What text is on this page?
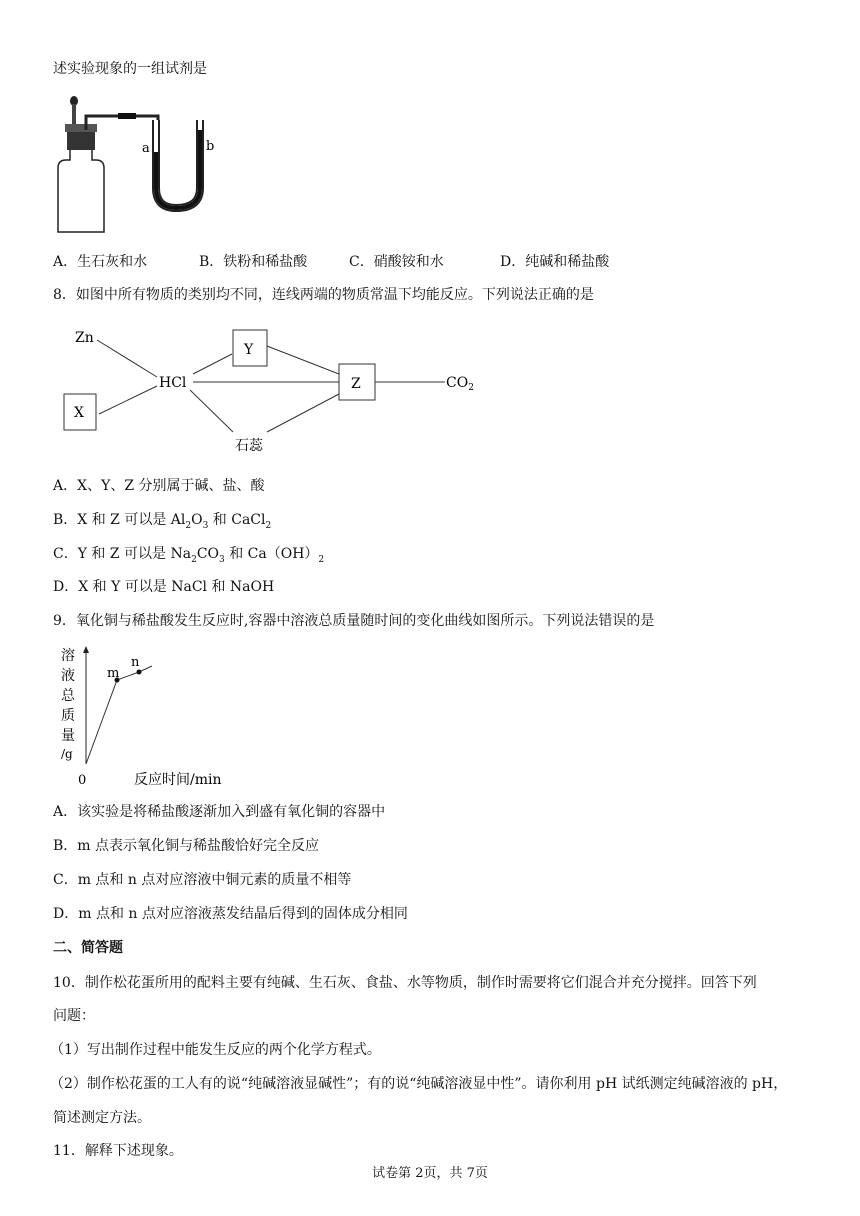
述实验现象的一组试剂是
a	b
A．生石灰和水	B．铁粉和稀盐酸	C．硝酸铵和水	D．纯碱和稀盐酸
8．如图中所有物质的类别均不同，连线两端的物质常温下均能反应。下列说法正确的是
Zn
X
Y
HCl	Z	$CO_2$
石蕊
A．X、Y、Z 分别属于碱、盐、酸
B．X 和 Z 可以是 $Al_2O_3$ 和 CaCl$_2$
C．Y 和 Z 可以是 $Na_2CO_3$ 和 $Ca(OH)_2$
D．X 和 Y 可以是 NaCl 和 NaOH
9．氧化铜与稀盐酸发生反应时,容器中溶液总质量随时间的变化曲线如图所示。下列说法错误的是
溶
液
总
质
量
/g
m
n
0	反应时间/min
A．该实验是将稀盐酸逐渐加入到盛有氧化铜的容器中
B．m 点表示氧化铜与稀盐酸恰好完全反应
C．m 点和 n 点对应溶液中铜元素的质量不相等
D．m 点和 n 点对应溶液蒸发结晶后得到的固体成分相同
二、简答题
10．制作松花蛋所用的配料主要有纯碱、生石灰、食盐、水等物质，制作时需要将它们混合并充分搅拌。回答下列
问题：
（1）写出制作过程中能发生反应的两个化学方程式。
（2）制作松花蛋的工人有的说“纯碱溶液显碱性”；有的说“纯碱溶液显中性”。请你利用 pH 试纸测定纯碱溶液的 pH，
简述测定方法。
11．解释下述现象。
试卷第 2页，共 7页
